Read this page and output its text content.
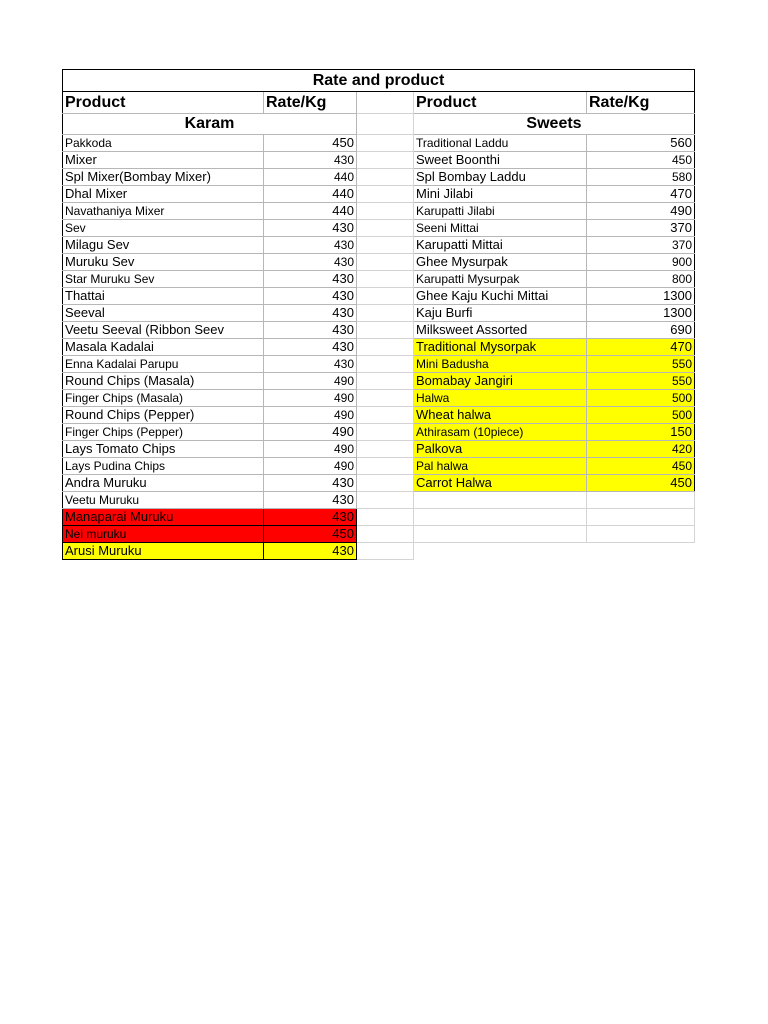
Rate and product				
Product	Rate/Kg		Product	Rate/Kg
Karam			Sweets	
Pakkoda	450		Traditional Laddu	560
Mixer	430		Sweet Boonthi	450
Spl Mixer(Bombay Mixer)	440		Spl Bombay Laddu	580
Dhal Mixer	440		Mini Jilabi	470
Navathaniya Mixer	440		Karupatti Jilabi	490
Sev	430		Seeni Mittai	370
Milagu Sev	430		Karupatti Mittai	370
Muruku Sev	430		Ghee Mysurpak	900
Star Muruku Sev	430		Karupatti Mysurpak	800
Thattai	430		Ghee Kaju Kuchi Mittai	1300
Seeval	430		Kaju Burfi	1300
Veetu Seeval (Ribbon Seev	430		Milksweet Assorted	690
Masala Kadalai	430		Traditional Mysorpak	470
Enna Kadalai Parupu	430		Mini Badusha	550
Round Chips (Masala)	490		Bomabay Jangiri	550
Finger Chips (Masala)	490		Halwa	500
Round Chips (Pepper)	490		Wheat halwa	500
Finger Chips (Pepper)	490		Athirasam (10piece)	150
Lays Tomato Chips	490		Palkova	420
Lays Pudina Chips	490		Pal halwa	450
Andra Muruku	430		Carrot Halwa	450
Veetu Muruku	430			
Manaparai Muruku	430			
Nei muruku	450			
Arusi Muruku	430			
